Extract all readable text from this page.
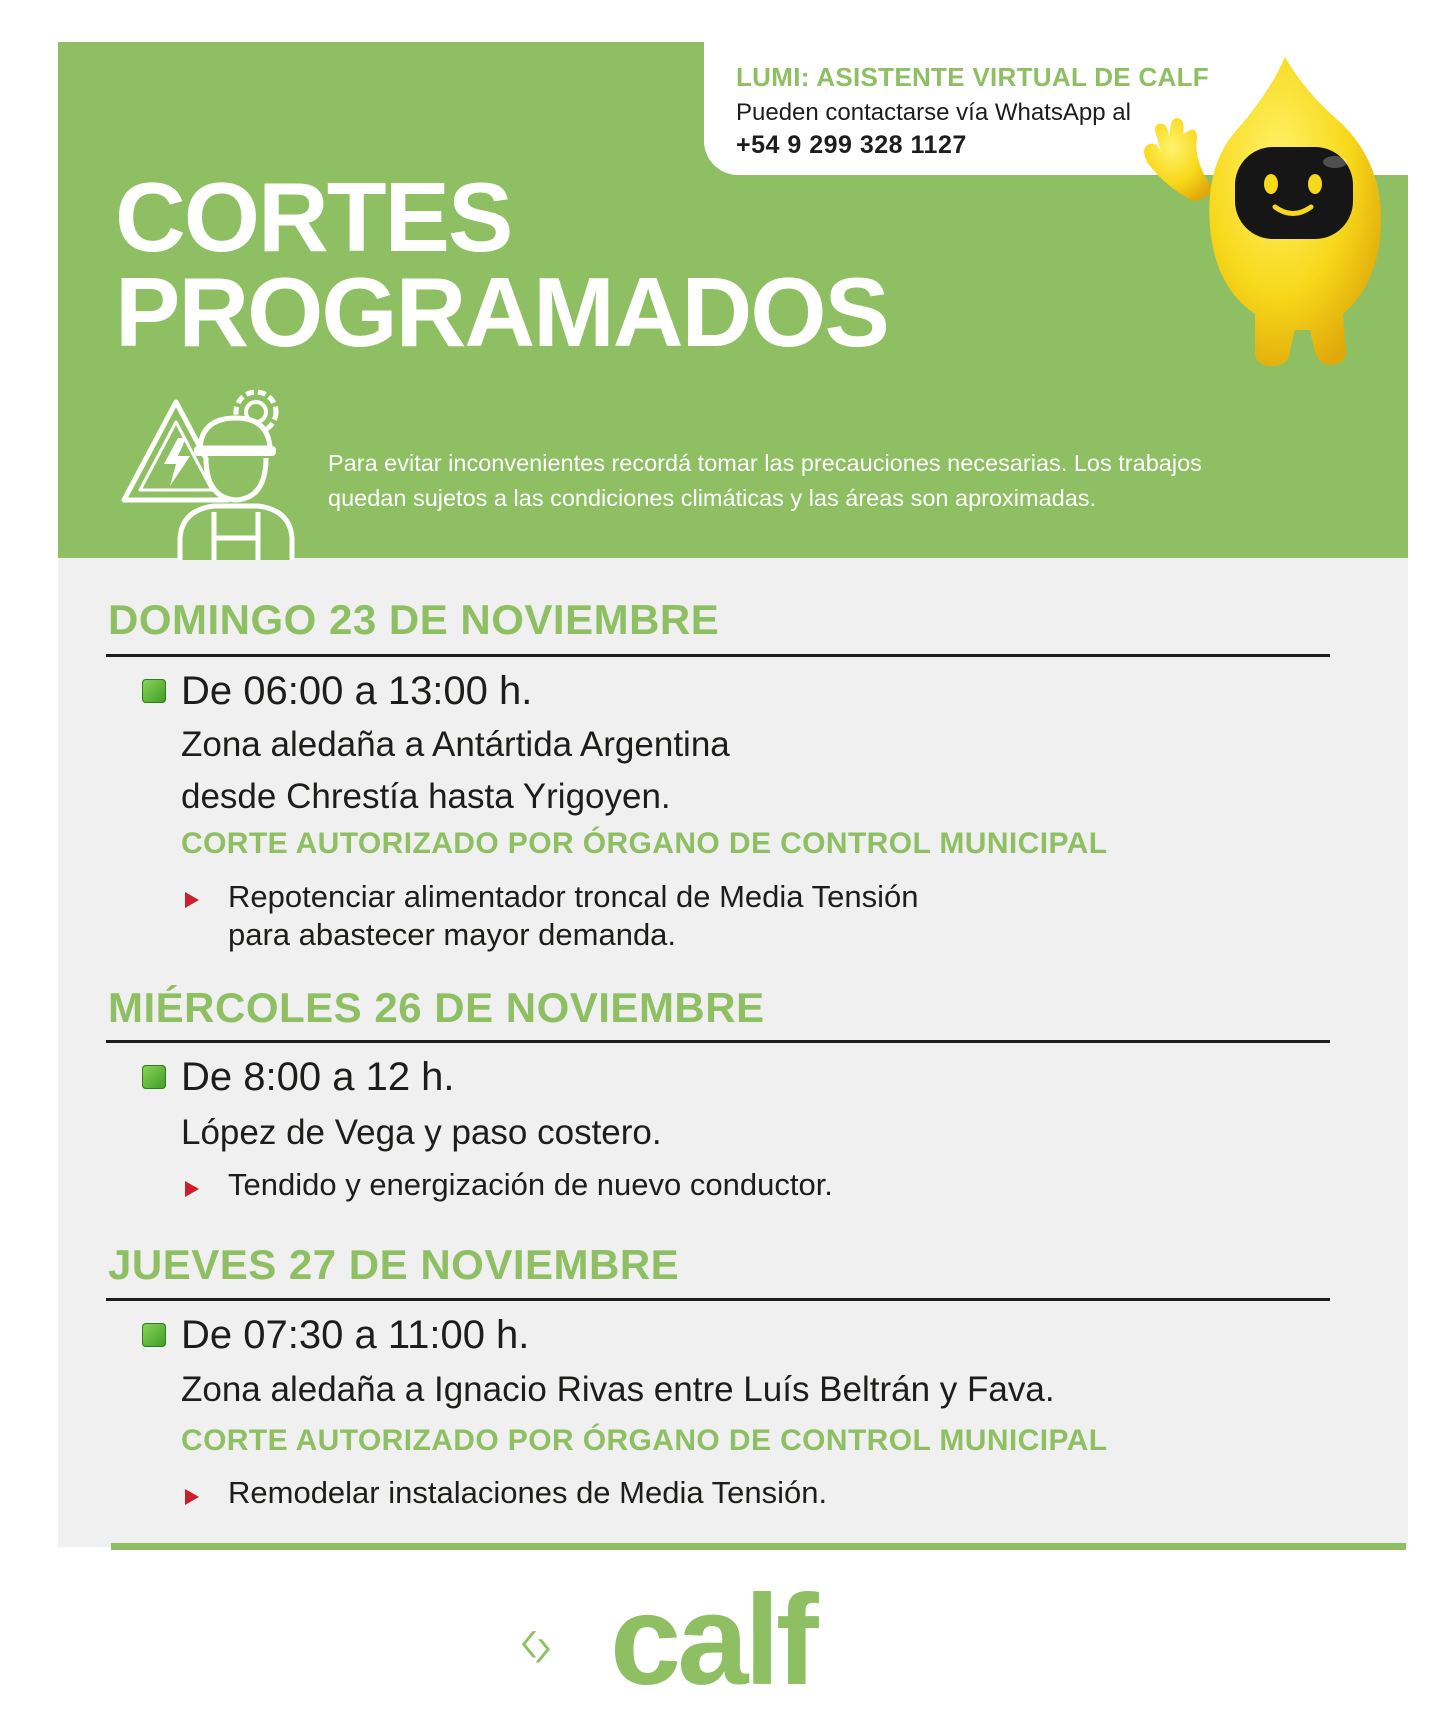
LUMI: ASISTENTE VIRTUAL DE CALF
Pueden contactarse vía WhatsApp al
+54 9 299 328 1127
CORTES
PROGRAMADOS
Para evitar inconvenientes recordá tomar las precauciones necesarias. Los trabajos
quedan sujetos a las condiciones climáticas y las áreas son aproximadas.
DOMINGO 23 DE NOVIEMBRE
De 06:00 a 13:00 h.
Zona aledaña a Antártida Argentina
desde Chrestía hasta Yrigoyen.
CORTE AUTORIZADO POR ÓRGANO DE CONTROL MUNICIPAL
Repotenciar alimentador troncal de Media Tensión
para abastecer mayor demanda.
MIÉRCOLES 26 DE NOVIEMBRE
De 8:00 a 12 h.
López de Vega y paso costero.
Tendido y energización de nuevo conductor.
JUEVES 27 DE NOVIEMBRE
De 07:30 a 11:00 h.
Zona aledaña a Ignacio Rivas entre Luís Beltrán y Fava.
CORTE AUTORIZADO POR ÓRGANO DE CONTROL MUNICIPAL
Remodelar instalaciones de Media Tensión.
calf
